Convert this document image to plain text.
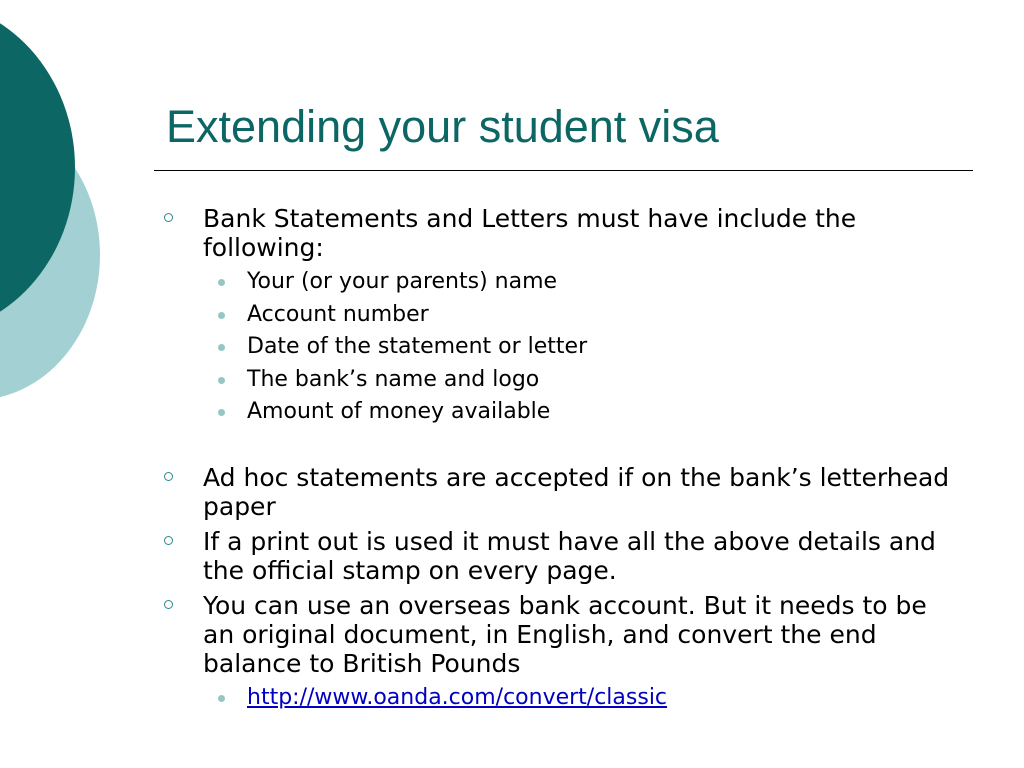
Extending your student visa
Bank Statements and Letters must have include the following:
Your (or your parents) name
Account number
Date of the statement or letter
The bank’s name and logo
Amount of money available
Ad hoc statements are accepted if on the bank’s letterhead paper
If a print out is used it must have all the above details and the official stamp on every page.
You can use an overseas bank account. But it needs to be an original document, in English, and convert the end balance to British Pounds
http://www.oanda.com/convert/classic
